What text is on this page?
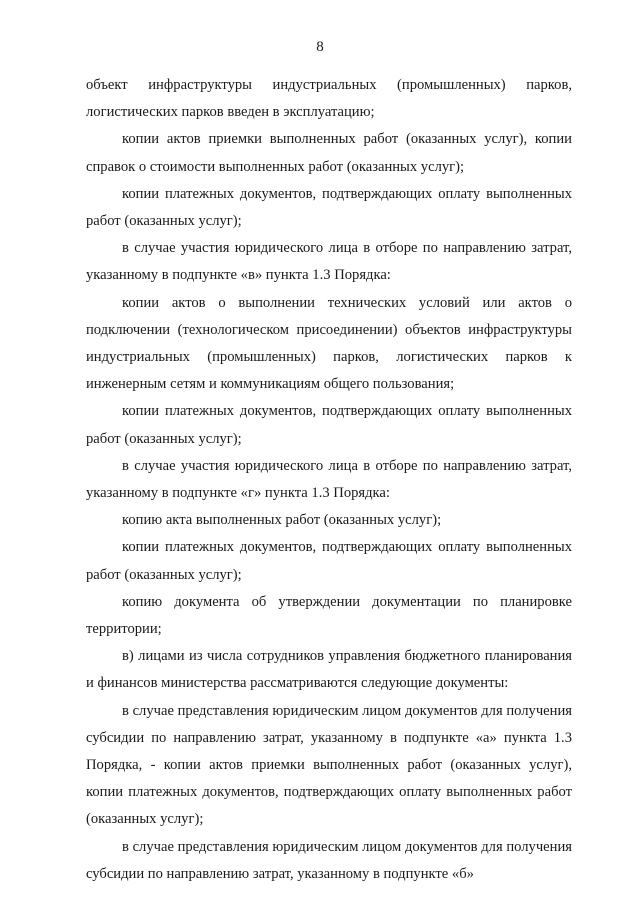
8

объект инфраструктуры индустриальных (промышленных) парков, логистических парков введен в эксплуатацию;

копии актов приемки выполненных работ (оказанных услуг), копии справок о стоимости выполненных работ (оказанных услуг);

копии платежных документов, подтверждающих оплату выполненных работ (оказанных услуг);

в случае участия юридического лица в отборе по направлению затрат, указанному в подпункте «в» пункта 1.3 Порядка:

копии актов о выполнении технических условий или актов о подключении (технологическом присоединении) объектов инфраструктуры индустриальных (промышленных) парков, логистических парков к инженерным сетям и коммуникациям общего пользования;

копии платежных документов, подтверждающих оплату выполненных работ (оказанных услуг);

в случае участия юридического лица в отборе по направлению затрат, указанному в подпункте «г» пункта 1.3 Порядка:

копию акта выполненных работ (оказанных услуг);

копии платежных документов, подтверждающих оплату выполненных работ (оказанных услуг);

копию документа об утверждении документации по планировке территории;

в) лицами из числа сотрудников управления бюджетного планирования и финансов министерства рассматриваются следующие документы:

в случае представления юридическим лицом документов для получения субсидии по направлению затрат, указанному в подпункте «а» пункта 1.3 Порядка, - копии актов приемки выполненных работ (оказанных услуг), копии платежных документов, подтверждающих оплату выполненных работ (оказанных услуг);

в случае представления юридическим лицом документов для получения субсидии по направлению затрат, указанному в подпункте «б»
